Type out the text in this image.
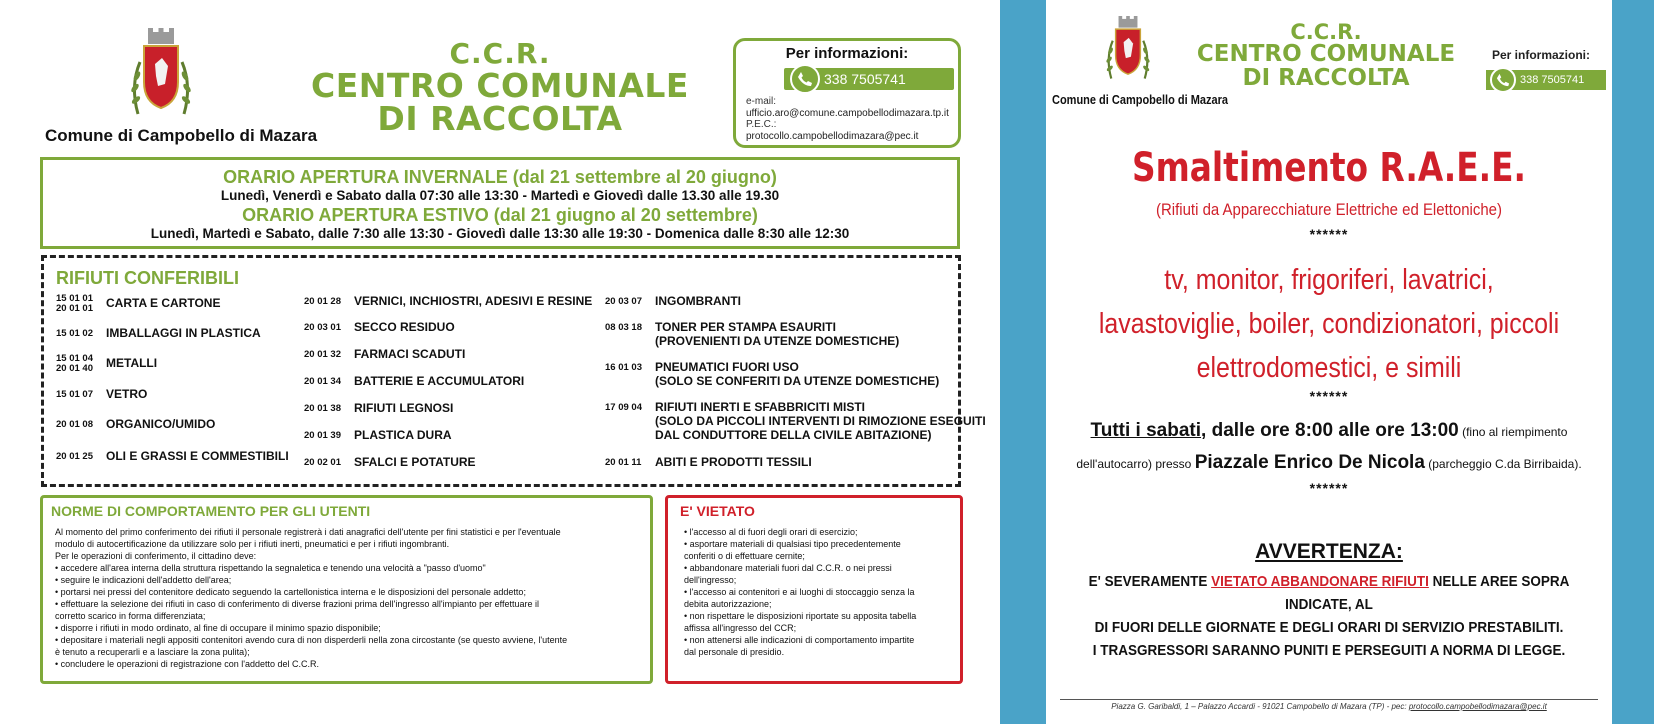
Comune di Campobello di Mazara
C.C.R.
CENTRO COMUNALE
DI RACCOLTA
Per informazioni:
338 7505741
e-mail:
ufficio.aro@comune.campobellodimazara.tp.it
P.E.C.:
protocollo.campobellodimazara@pec.it
ORARIO APERTURA INVERNALE (dal 21 settembre al 20 giugno)
Lunedì, Venerdì e Sabato dalla 07:30 alle 13:30 - Martedì e Giovedì dalle 13.30 alle 19.30
ORARIO APERTURA ESTIVO (dal 21 giugno al 20 settembre)
Lunedì, Martedì e Sabato, dalle 7:30 alle 13:30 - Giovedì dalle 13:30 alle 19:30 - Domenica dalle 8:30 alle 12:30
RIFIUTI CONFERIBILI
15 01 01
20 01 01	CARTA E CARTONE
15 01 02	IMBALLAGGI IN PLASTICA
15 01 04
20 01 40	METALLI
15 01 07	VETRO
20 01 08	ORGANICO/UMIDO
20 01 25	OLI E GRASSI E COMMESTIBILI
20 01 28	VERNICI, INCHIOSTRI, ADESIVI E RESINE
20 03 01	SECCO RESIDUO
20 01 32	FARMACI SCADUTI
20 01 34	BATTERIE E ACCUMULATORI
20 01 38	RIFIUTI LEGNOSI
20 01 39	PLASTICA DURA
20 02 01	SFALCI E POTATURE
20 03 07	INGOMBRANTI
08 03 18	TONER PER STAMPA ESAURITI
(PROVENIENTI DA UTENZE DOMESTICHE)
16 01 03	PNEUMATICI FUORI USO
(SOLO SE CONFERITI DA UTENZE DOMESTICHE)
17 09 04	RIFIUTI INERTI E SFABBRICITI MISTI
(SOLO DA PICCOLI INTERVENTI DI RIMOZIONE ESEGUITI
DAL CONDUTTORE DELLA CIVILE ABITAZIONE)
20 01 11	ABITI E PRODOTTI TESSILI
NORME DI COMPORTAMENTO PER GLI UTENTI
Al momento del primo conferimento dei rifiuti il personale registrerà i dati anagrafici dell'utente per fini statistici e per l'eventuale
modulo di autocertificazione da utilizzare solo per i rifiuti inerti, pneumatici e per i rifiuti ingombranti.
Per le operazioni di conferimento, il cittadino deve:
• accedere all'area interna della struttura rispettando la segnaletica e tenendo una velocità a "passo d'uomo"
• seguire le indicazioni dell'addetto dell'area;
• portarsi nei pressi del contenitore dedicato seguendo la cartellonistica interna e le disposizioni del personale addetto;
• effettuare la selezione dei rifiuti in caso di conferimento di diverse frazioni prima dell'ingresso all'impianto per effettuare il
corretto scarico in forma differenziata;
• disporre i rifiuti in modo ordinato, al fine di occupare il minimo spazio disponibile;
• depositare i materiali negli appositi contenitori avendo cura di non disperderli nella zona circostante (se questo avviene, l'utente
è tenuto a recuperarli e a lasciare la zona pulita);
• concludere le operazioni di registrazione con l'addetto del C.C.R.
E' VIETATO
• l'accesso al di fuori degli orari di esercizio;
• asportare materiali di qualsiasi tipo precedentemente
conferiti o di effettuare cernite;
• abbandonare materiali fuori dal C.C.R. o nei pressi
dell'ingresso;
• l'accesso ai contenitori e ai luoghi di stoccaggio senza la
debita autorizzazione;
• non rispettare le disposizioni riportate su apposita tabella
affissa all'ingresso del CCR;
• non attenersi alle indicazioni di comportamento impartite
dal personale di presidio.
Comune di Campobello di Mazara
C.C.R.
CENTRO COMUNALE
DI RACCOLTA
Per informazioni:
338 7505741
Smaltimento R.A.E.E.
(Rifiuti da Apparecchiature Elettriche ed Elettoniche)
******
tv, monitor, frigoriferi, lavatrici,
lavastoviglie, boiler, condizionatori, piccoli
elettrodomestici, e simili
******
Tutti i sabati, dalle ore 8:00 alle ore 13:00 (fino al riempimento
dell'autocarro) presso Piazzale Enrico De Nicola (parcheggio C.da Birribaida).
******
AVVERTENZA:
E' SEVERAMENTE VIETATO ABBANDONARE RIFIUTI NELLE AREE SOPRA INDICATE, AL
DI FUORI DELLE GIORNATE E DEGLI ORARI DI SERVIZIO PRESTABILITI.
I TRASGRESSORI SARANNO PUNITI E PERSEGUITI A NORMA DI LEGGE.
Piazza G. Garibaldi, 1 – Palazzo Accardi - 91021 Campobello di Mazara (TP) - pec: protocollo.campobellodimazara@pec.it
